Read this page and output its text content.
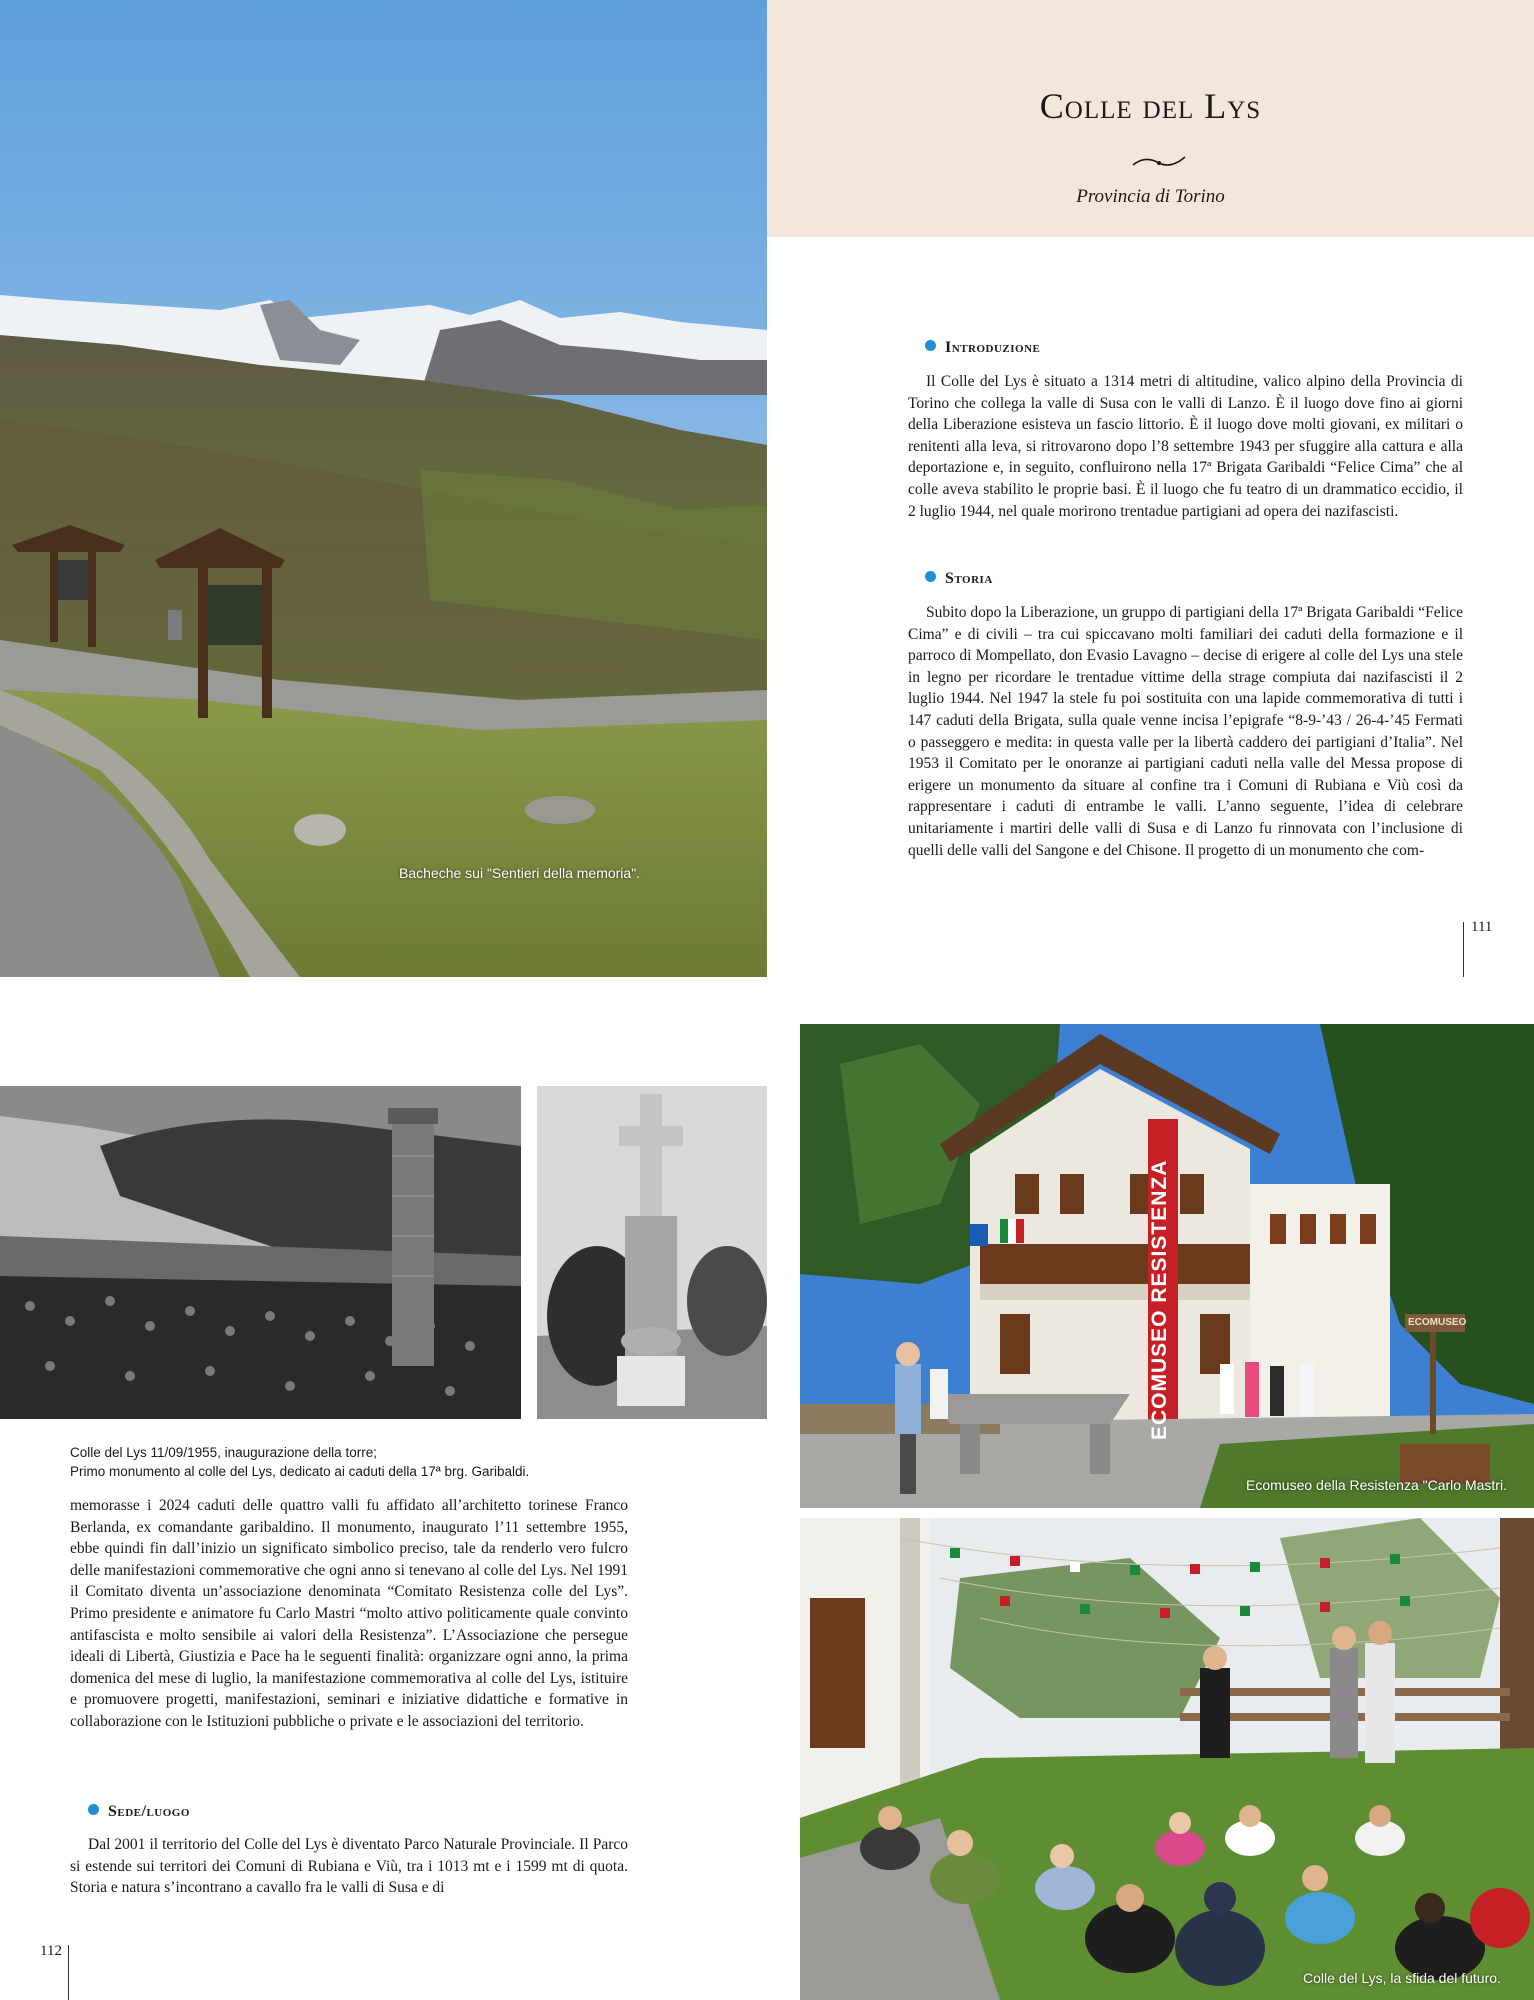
Bacheche sui "Sentieri della memoria".
Colle del Lys
Provincia di Torino
Introduzione

Il Colle del Lys è situato a 1314 metri di altitudine, valico alpino della Provincia di Torino che collega la valle di Susa con le valli di Lanzo. È il luogo dove fino ai giorni della Liberazione esisteva un fascio littorio. È il luogo dove molti giovani, ex militari o renitenti alla leva, si ritrovarono dopo l’8 settembre 1943 per sfuggire alla cattura e alla deportazione e, in seguito, confluirono nella 17ª Brigata Garibaldi “Felice Cima” che al colle aveva stabilito le proprie basi. È il luogo che fu teatro di un drammatico eccidio, il 2 luglio 1944, nel quale morirono trentadue partigiani ad opera dei nazifascisti.

Storia

Subito dopo la Liberazione, un gruppo di partigiani della 17ª Brigata Garibaldi “Felice Cima” e di civili – tra cui spiccavano molti familiari dei caduti della formazione e il parroco di Mompellato, don Evasio Lavagno – decise di erigere al colle del Lys una stele in legno per ricordare le trentadue vittime della strage compiuta dai nazifascisti il 2 luglio 1944. Nel 1947 la stele fu poi sostituita con una lapide commemorativa di tutti i 147 caduti della Brigata, sulla quale venne incisa l’epigrafe “8-9-’43 / 26-4-’45 Fermati o passeggero e medita: in questa valle per la libertà caddero dei partigiani d’Italia”. Nel 1953 il Comitato per le onoranze ai partigiani caduti nella valle del Messa propose di erigere un monumento da situare al confine tra i Comuni di Rubiana e Viù così da rappresentare i caduti di entrambe le valli. L’anno seguente, l’idea di celebrare unitariamente i martiri delle valli di Susa e di Lanzo fu rinnovata con l’inclusione di quelli delle valli del Sangone e del Chisone. Il progetto di un monumento che com-

111
Colle del Lys 11/09/1955, inaugurazione della torre;
Primo monumento al colle del Lys, dedicato ai caduti della 17ª brg. Garibaldi.

memorasse i 2024 caduti delle quattro valli fu affidato all’architetto torinese Franco Berlanda, ex comandante garibaldino. Il monumento, inaugurato l’11 settembre 1955, ebbe quindi fin dall’inizio un significato simbolico preciso, tale da renderlo vero fulcro delle manifestazioni commemorative che ogni anno si tenevano al colle del Lys. Nel 1991 il Comitato diventa un’associazione denominata “Comitato Resistenza colle del Lys”. Primo presidente e animatore fu Carlo Mastri “molto attivo politicamente quale convinto antifascista e molto sensibile ai valori della Resistenza”. L’Associazione che persegue ideali di Libertà, Giustizia e Pace ha le seguenti finalità: organizzare ogni anno, la prima domenica del mese di luglio, la manifestazione commemorativa al colle del Lys, istituire e promuovere progetti, manifestazioni, seminari e iniziative didattiche e formative in collaborazione con le Istituzioni pubbliche o private e le associazioni del territorio.

Sede/luogo

Dal 2001 il territorio del Colle del Lys è diventato Parco Naturale Provinciale. Il Parco si estende sui territori dei Comuni di Rubiana e Viù, tra i 1013 mt e i 1599 mt di quota. Storia e natura s’incontrano a cavallo fra le valli di Susa e di

112
ECOMUSEO RESISTENZA	ECOMUSEO
Ecomuseo della Resistenza "Carlo Mastri.
Colle del Lys, la sfida del futuro.
